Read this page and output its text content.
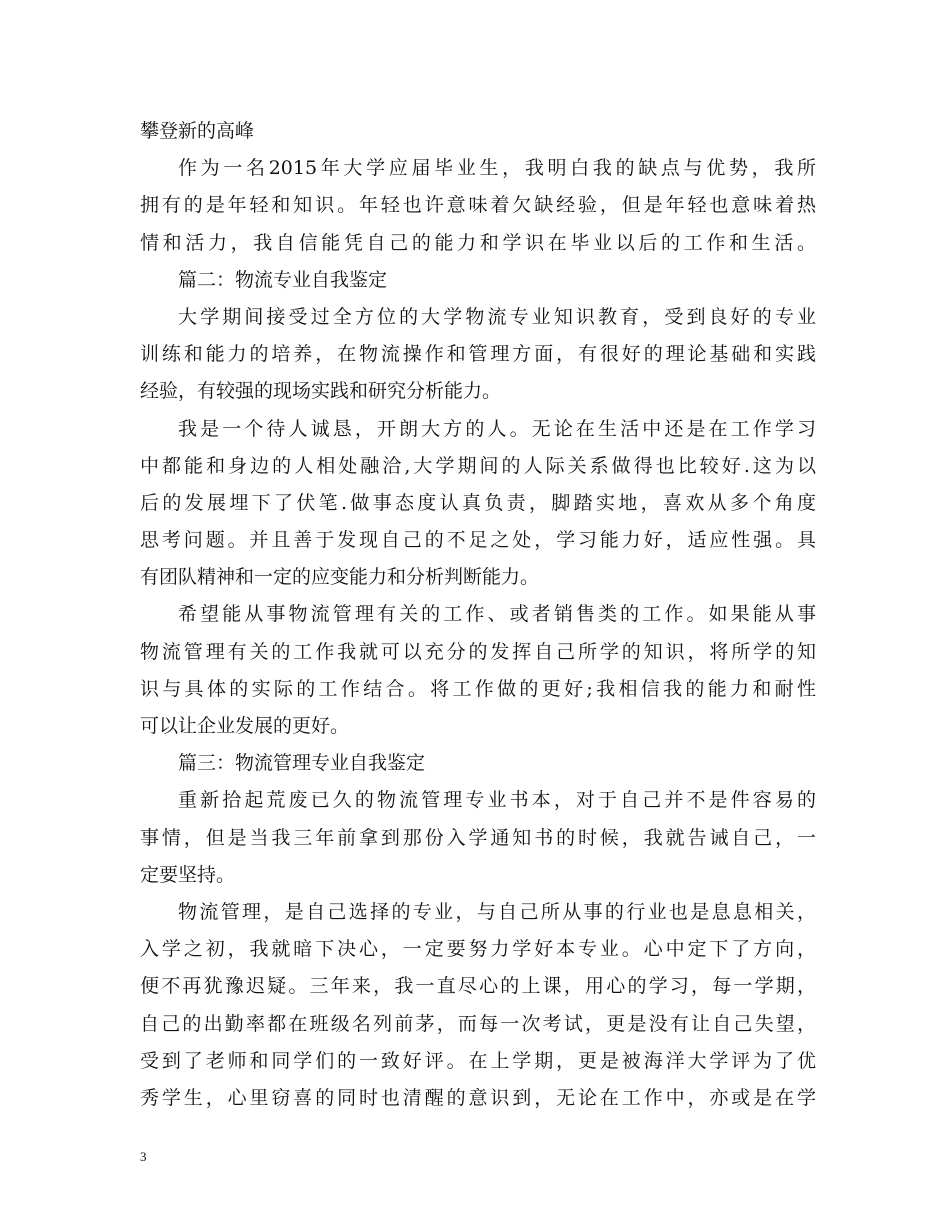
攀登新的高峰
作为一名2015年大学应届毕业生，我明白我的缺点与优势，我所
拥有的是年轻和知识。年轻也许意味着欠缺经验，但是年轻也意味着热
情和活力，我自信能凭自己的能力和学识在毕业以后的工作和生活。
篇二：物流专业自我鉴定
大学期间接受过全方位的大学物流专业知识教育，受到良好的专业
训练和能力的培养，在物流操作和管理方面，有很好的理论基础和实践
经验，有较强的现场实践和研究分析能力。
我是一个待人诚恳，开朗大方的人。无论在生活中还是在工作学习
中都能和身边的人相处融洽,大学期间的人际关系做得也比较好.这为以
后的发展埋下了伏笔.做事态度认真负责，脚踏实地，喜欢从多个角度
思考问题。并且善于发现自己的不足之处，学习能力好，适应性强。具
有团队精神和一定的应变能力和分析判断能力。
希望能从事物流管理有关的工作、或者销售类的工作。如果能从事
物流管理有关的工作我就可以充分的发挥自己所学的知识，将所学的知
识与具体的实际的工作结合。将工作做的更好;我相信我的能力和耐性
可以让企业发展的更好。
篇三：物流管理专业自我鉴定
重新拾起荒废已久的物流管理专业书本，对于自己并不是件容易的
事情，但是当我三年前拿到那份入学通知书的时候，我就告诫自己，一
定要坚持。
物流管理，是自己选择的专业，与自己所从事的行业也是息息相关，
入学之初，我就暗下决心，一定要努力学好本专业。心中定下了方向，
便不再犹豫迟疑。三年来，我一直尽心的上课，用心的学习，每一学期，
自己的出勤率都在班级名列前茅，而每一次考试，更是没有让自己失望，
受到了老师和同学们的一致好评。在上学期，更是被海洋大学评为了优
秀学生，心里窃喜的同时也清醒的意识到，无论在工作中，亦或是在学
3
